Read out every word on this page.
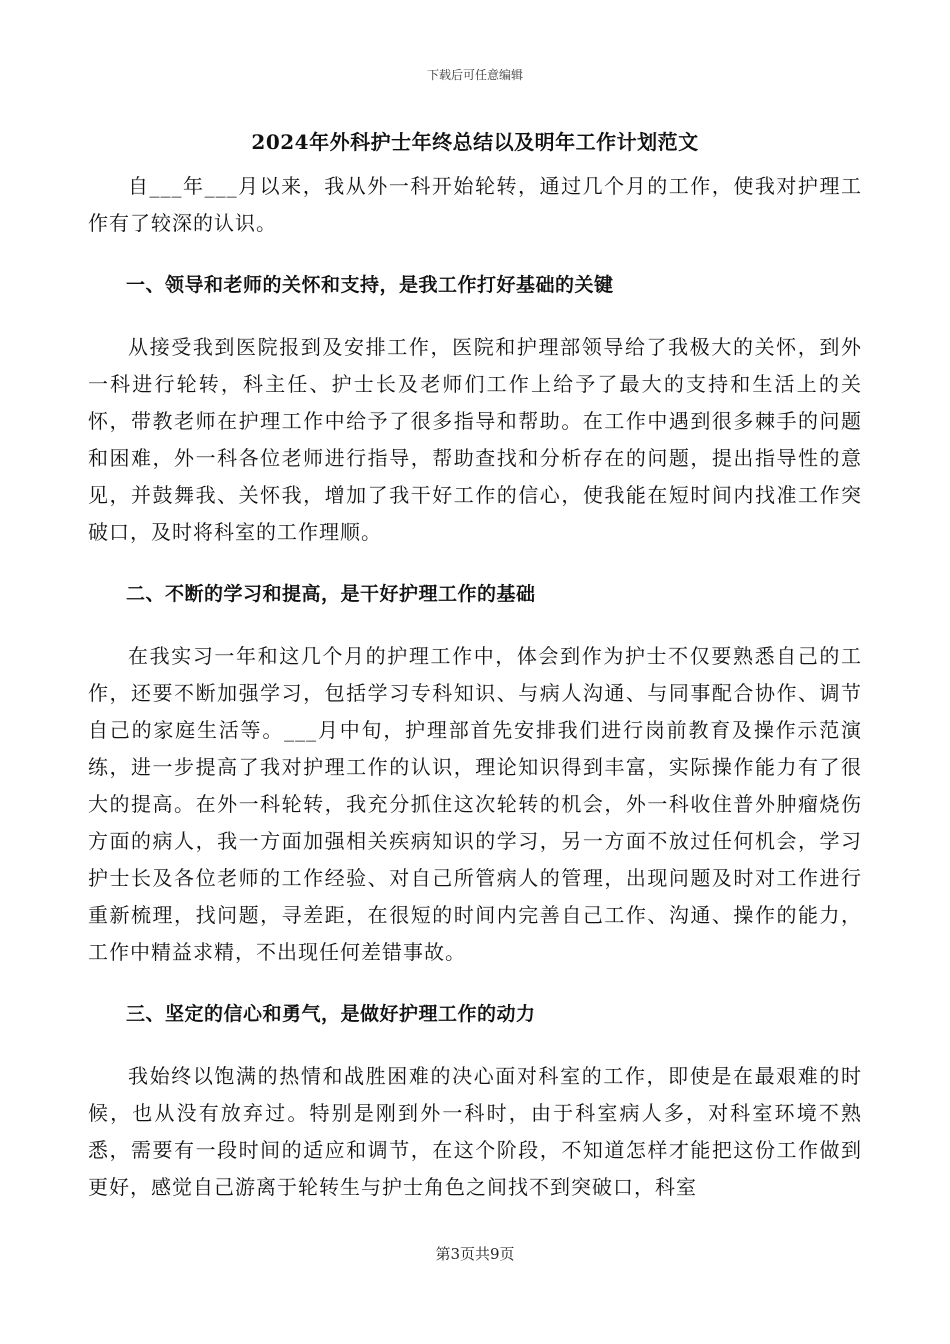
下载后可任意编辑
2024年外科护士年终总结以及明年工作计划范文

自___年___月以来，我从外一科开始轮转，通过几个月的工作，使我对护理工作有了较深的认识。

一、领导和老师的关怀和支持，是我工作打好基础的关键

从接受我到医院报到及安排工作，医院和护理部领导给了我极大的关怀，到外一科进行轮转，科主任、护士长及老师们工作上给予了最大的支持和生活上的关怀，带教老师在护理工作中给予了很多指导和帮助。在工作中遇到很多棘手的问题和困难，外一科各位老师进行指导，帮助查找和分析存在的问题，提出指导性的意见，并鼓舞我、关怀我，增加了我干好工作的信心，使我能在短时间内找准工作突破口，及时将科室的工作理顺。

二、不断的学习和提高，是干好护理工作的基础

在我实习一年和这几个月的护理工作中，体会到作为护士不仅要熟悉自己的工作，还要不断加强学习，包括学习专科知识、与病人沟通、与同事配合协作、调节自己的家庭生活等。___月中旬，护理部首先安排我们进行岗前教育及操作示范演练，进一步提高了我对护理工作的认识，理论知识得到丰富，实际操作能力有了很大的提高。在外一科轮转，我充分抓住这次轮转的机会，外一科收住普外肿瘤烧伤方面的病人，我一方面加强相关疾病知识的学习，另一方面不放过任何机会，学习护士长及各位老师的工作经验、对自己所管病人的管理，出现问题及时对工作进行重新梳理，找问题，寻差距，在很短的时间内完善自己工作、沟通、操作的能力，工作中精益求精，不出现任何差错事故。

三、坚定的信心和勇气，是做好护理工作的动力

我始终以饱满的热情和战胜困难的决心面对科室的工作，即使是在最艰难的时候，也从没有放弃过。特别是刚到外一科时，由于科室病人多，对科室环境不熟悉，需要有一段时间的适应和调节，在这个阶段，不知道怎样才能把这份工作做到更好，感觉自己游离于轮转生与护士角色之间找不到突破口，科室

第3页共9页
